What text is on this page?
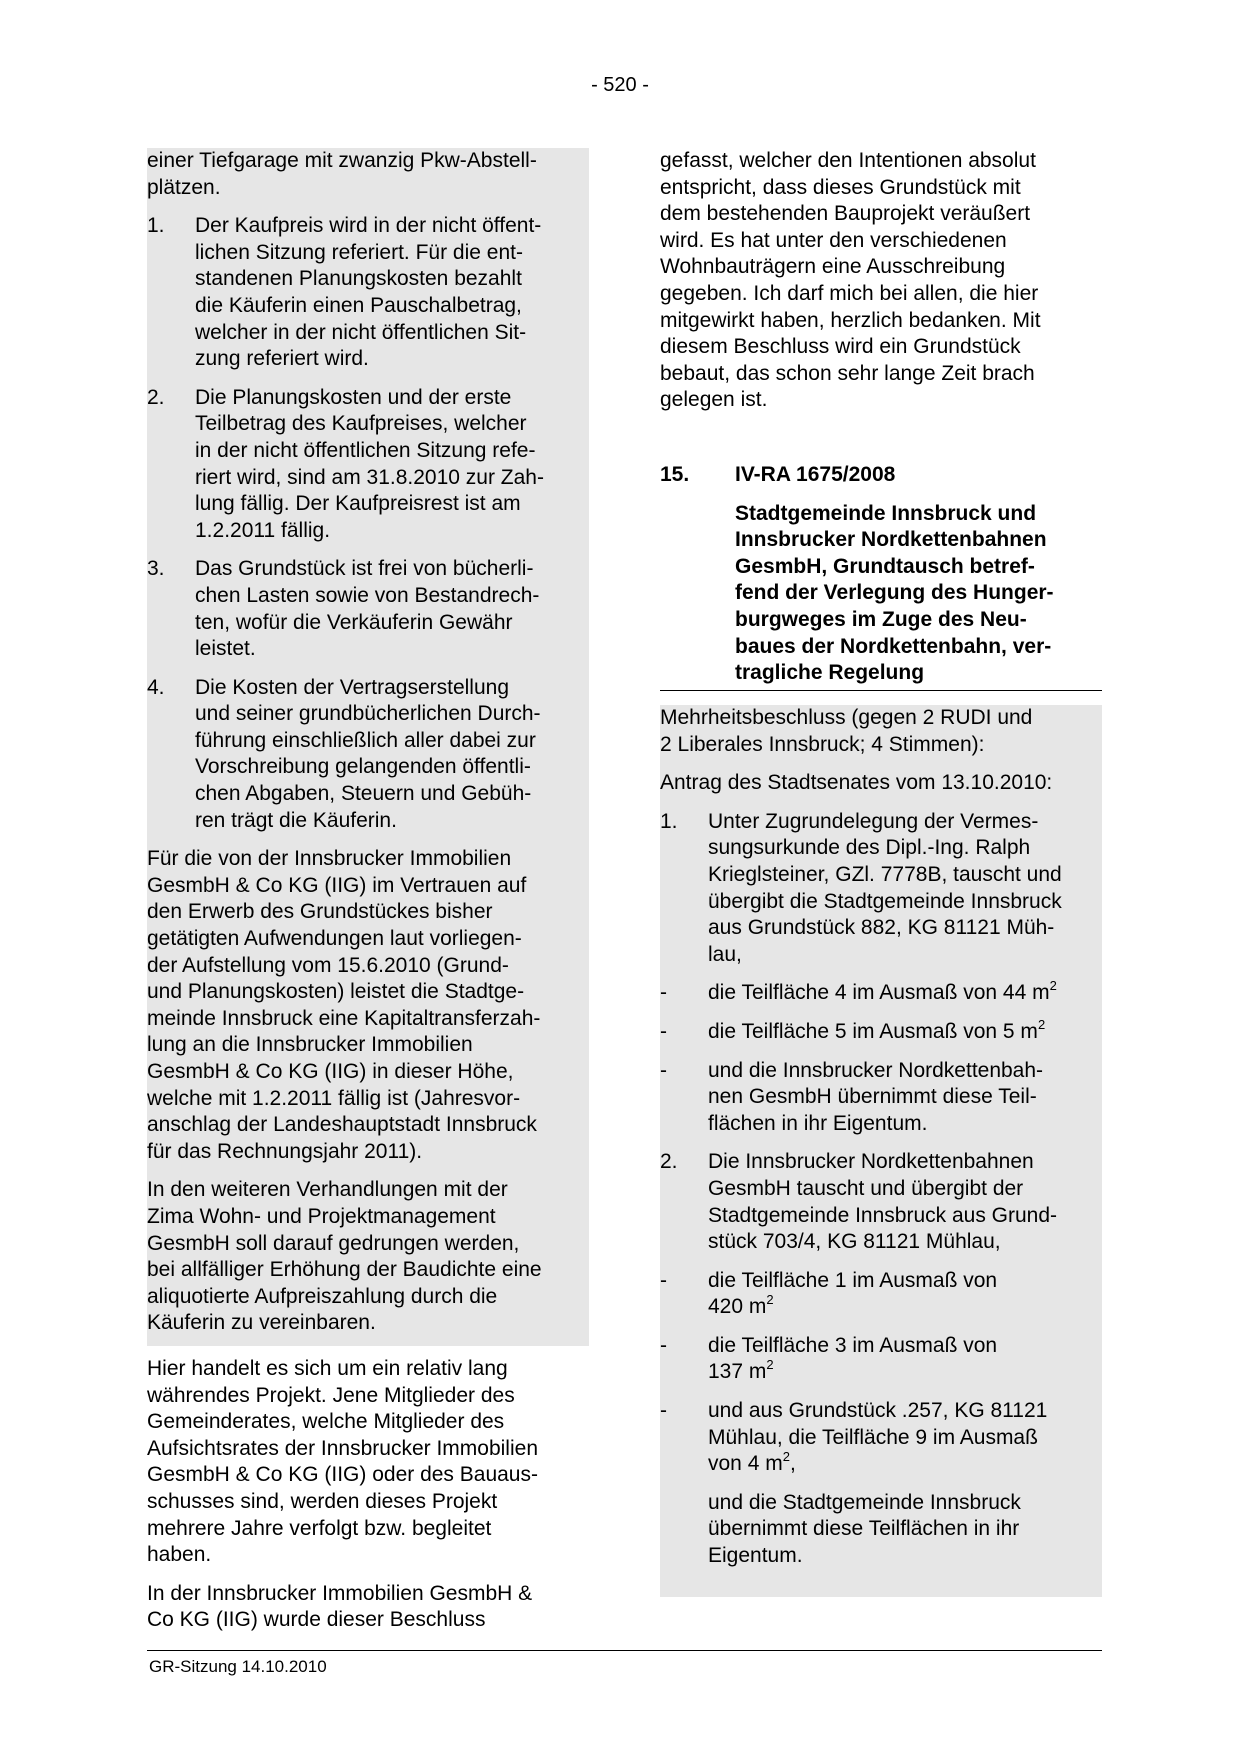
- 520 -

einer Tiefgarage mit zwanzig Pkw-Abstell-
plätzen.

1.	Der Kaufpreis wird in der nicht öffent-
lichen Sitzung referiert. Für die ent-
standenen Planungskosten bezahlt
die Käuferin einen Pauschalbetrag,
welcher in der nicht öffentlichen Sit-
zung referiert wird.
2.	Die Planungskosten und der erste
Teilbetrag des Kaufpreises, welcher
in der nicht öffentlichen Sitzung refe-
riert wird, sind am 31.8.2010 zur Zah-
lung fällig. Der Kaufpreisrest ist am
1.2.2011 fällig.
3.	Das Grundstück ist frei von bücherli-
chen Lasten sowie von Bestandrech-
ten, wofür die Verkäuferin Gewähr
leistet.
4.	Die Kosten der Vertragserstellung
und seiner grundbücherlichen Durch-
führung einschließlich aller dabei zur
Vorschreibung gelangenden öffentli-
chen Abgaben, Steuern und Gebüh-
ren trägt die Käuferin.

Für die von der Innsbrucker Immobilien
GesmbH & Co KG (IIG) im Vertrauen auf
den Erwerb des Grundstückes bisher
getätigten Aufwendungen laut vorliegen-
der Aufstellung vom 15.6.2010 (Grund-
und Planungskosten) leistet die Stadtge-
meinde Innsbruck eine Kapitaltransferzah-
lung an die Innsbrucker Immobilien
GesmbH & Co KG (IIG) in dieser Höhe,
welche mit 1.2.2011 fällig ist (Jahresvor-
anschlag der Landeshauptstadt Innsbruck
für das Rechnungsjahr 2011).

In den weiteren Verhandlungen mit der
Zima Wohn- und Projektmanagement
GesmbH soll darauf gedrungen werden,
bei allfälliger Erhöhung der Baudichte eine
aliquotierte Aufpreiszahlung durch die
Käuferin zu vereinbaren.

Hier handelt es sich um ein relativ lang
währendes Projekt. Jene Mitglieder des
Gemeinderates, welche Mitglieder des
Aufsichtsrates der Innsbrucker Immobilien
GesmbH & Co KG (IIG) oder des Bauaus-
schusses sind, werden dieses Projekt
mehrere Jahre verfolgt bzw. begleitet
haben.

In der Innsbrucker Immobilien GesmbH &
Co KG (IIG) wurde dieser Beschluss

gefasst, welcher den Intentionen absolut
entspricht, dass dieses Grundstück mit
dem bestehenden Bauprojekt veräußert
wird. Es hat unter den verschiedenen
Wohnbauträgern eine Ausschreibung
gegeben. Ich darf mich bei allen, die hier
mitgewirkt haben, herzlich bedanken. Mit
diesem Beschluss wird ein Grundstück
bebaut, das schon sehr lange Zeit brach
gelegen ist.

15.	IV-RA 1675/2008
Stadtgemeinde Innsbruck und
Innsbrucker Nordkettenbahnen
GesmbH, Grundtausch betref-
fend der Verlegung des Hunger-
burgweges im Zuge des Neu-
baues der Nordkettenbahn, ver-
tragliche Regelung

Mehrheitsbeschluss (gegen 2 RUDI und
2 Liberales Innsbruck; 4 Stimmen):

Antrag des Stadtsenates vom 13.10.2010:

1.	Unter Zugrundelegung der Vermes-
sungsurkunde des Dipl.-Ing. Ralph
Krieglsteiner, GZl. 7778B, tauscht und
übergibt die Stadtgemeinde Innsbruck
aus Grundstück 882, KG 81121 Müh-
lau,
-	die Teilfläche 4 im Ausmaß von 44 $m^2$
-	die Teilfläche 5 im Ausmaß von 5 $m^2$
-	und die Innsbrucker Nordkettenbah-
nen GesmbH übernimmt diese Teil-
flächen in ihr Eigentum.
2.	Die Innsbrucker Nordkettenbahnen
GesmbH tauscht und übergibt der
Stadtgemeinde Innsbruck aus Grund-
stück 703/4, KG 81121 Mühlau,
-	die Teilfläche 1 im Ausmaß von
420 $m^2$
-	die Teilfläche 3 im Ausmaß von
137 $m^2$
-	und aus Grundstück .257, KG 81121
Mühlau, die Teilfläche 9 im Ausmaß
von 4 $m^2$,
und die Stadtgemeinde Innsbruck
übernimmt diese Teilflächen in ihr
Eigentum.
GR-Sitzung 14.10.2010
